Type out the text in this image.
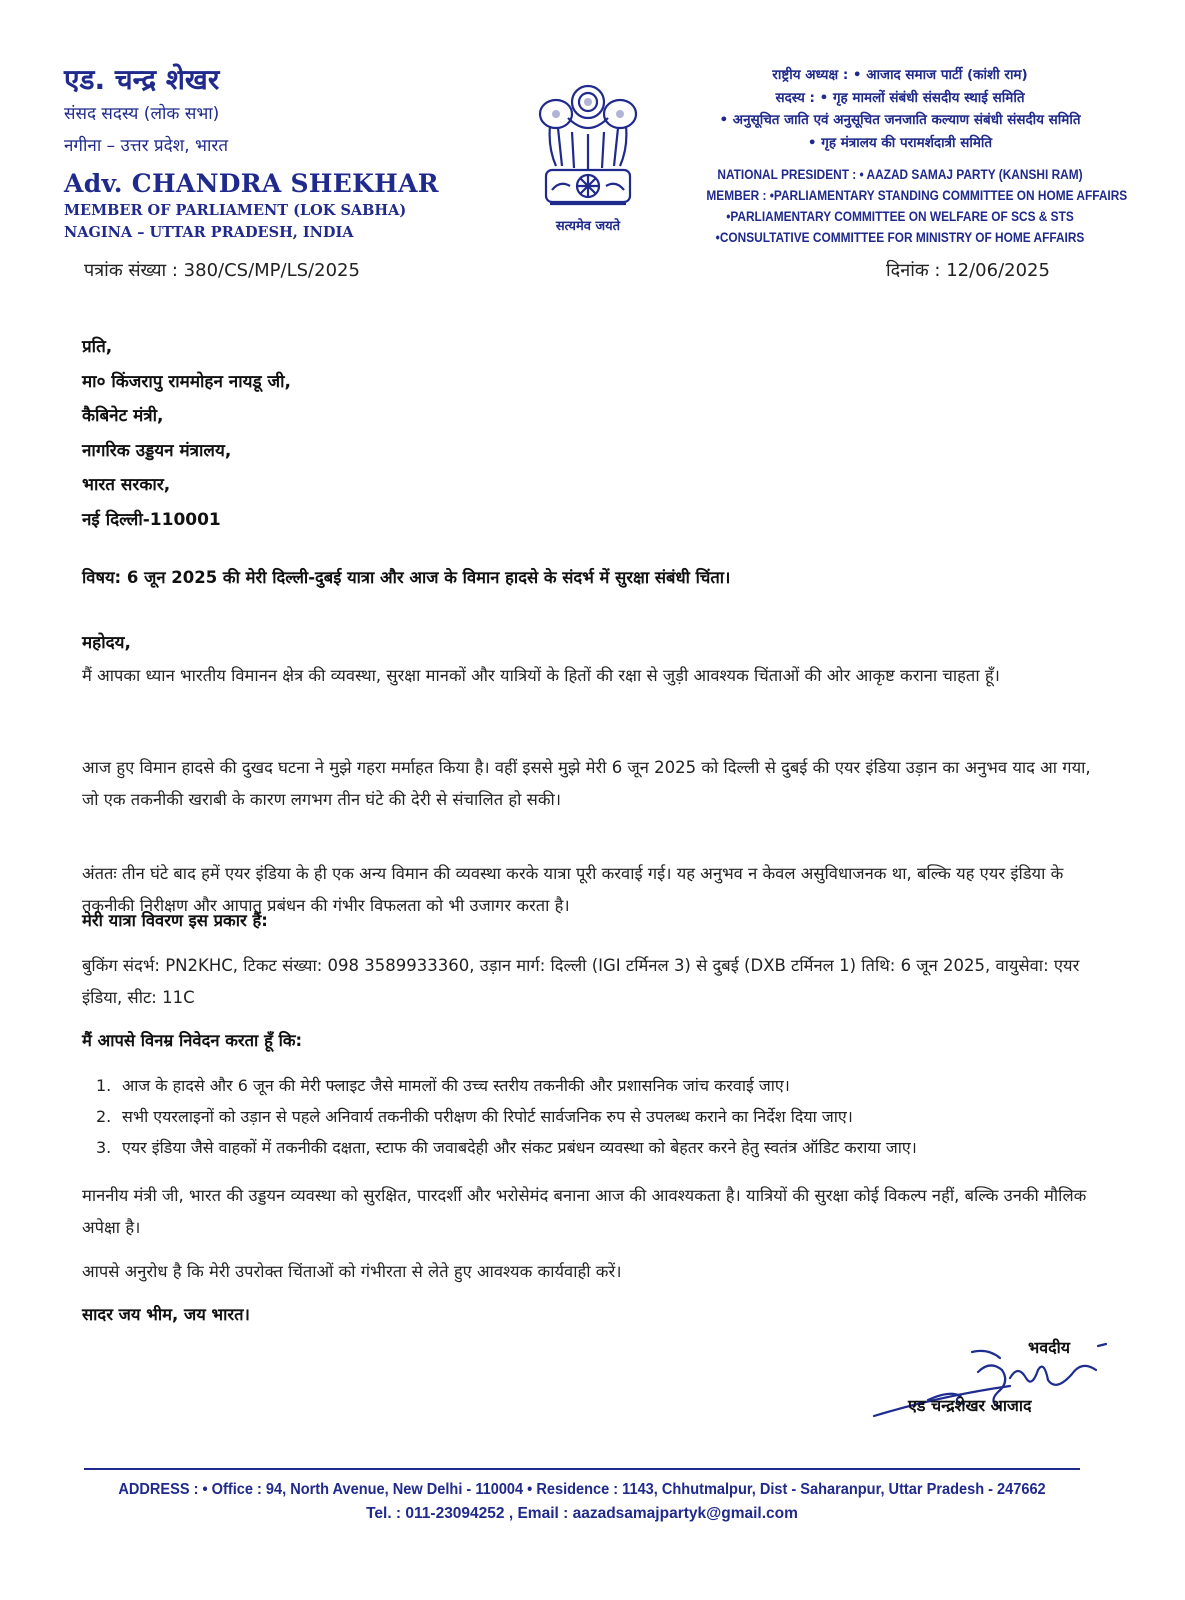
एड. चन्द्र शेखर
संसद सदस्य (लोक सभा)
नगीना – उत्तर प्रदेश, भारत
Adv. CHANDRA SHEKHAR
MEMBER OF PARLIAMENT (LOK SABHA)
NAGINA – UTTAR PRADESH, INDIA
पत्रांक संख्या : 380/CS/MP/LS/2025
सत्यमेव जयते
राष्ट्रीय अध्यक्ष : • आजाद समाज पार्टी (कांशी राम)
सदस्य : • गृह मामलों संबंधी संसदीय स्थाई समिति
• अनुसूचित जाति एवं अनुसूचित जनजाति कल्याण संबंधी संसदीय समिति
• गृह मंत्रालय की परामर्शदात्री समिति
NATIONAL PRESIDENT : • AAZAD SAMAJ PARTY (KANSHI RAM)
MEMBER : •PARLIAMENTARY STANDING COMMITTEE ON HOME AFFAIRS
•PARLIAMENTARY COMMITTEE ON WELFARE OF SCS & STS
•CONSULTATIVE COMMITTEE FOR MINISTRY OF HOME AFFAIRS
दिनांक : 12/06/2025
प्रति,
मा० किंजरापु राममोहन नायडू जी,
कैबिनेट मंत्री,
नागरिक उड्डयन मंत्रालय,
भारत सरकार,
नई दिल्ली-110001
विषय: 6 जून 2025 की मेरी दिल्ली-दुबई यात्रा और आज के विमान हादसे के संदर्भ में सुरक्षा संबंधी चिंता।
महोदय,
मैं आपका ध्यान भारतीय विमानन क्षेत्र की व्यवस्था, सुरक्षा मानकों और यात्रियों के हितों की रक्षा से जुड़ी आवश्यक चिंताओं की ओर आकृष्ट कराना चाहता हूँ।
आज हुए विमान हादसे की दुखद घटना ने मुझे गहरा मर्माहत किया है। वहीं इससे मुझे मेरी 6 जून 2025 को दिल्ली से दुबई की एयर इंडिया उड़ान का अनुभव याद आ गया, जो एक तकनीकी खराबी के कारण लगभग तीन घंटे की देरी से संचालित हो सकी।
अंततः तीन घंटे बाद हमें एयर इंडिया के ही एक अन्य विमान की व्यवस्था करके यात्रा पूरी करवाई गई। यह अनुभव न केवल असुविधाजनक था, बल्कि यह एयर इंडिया के तकनीकी निरीक्षण और आपात प्रबंधन की गंभीर विफलता को भी उजागर करता है।
मेरी यात्रा विवरण इस प्रकार हैं:
बुकिंग संदर्भ: PN2KHC, टिकट संख्या: 098 3589933360, उड़ान मार्ग: दिल्ली (IGI टर्मिनल 3) से दुबई (DXB टर्मिनल 1) तिथि: 6 जून 2025, वायुसेवा: एयर इंडिया, सीट: 11C
मैं आपसे विनम्र निवेदन करता हूँ कि:
1. आज के हादसे और 6 जून की मेरी फ्लाइट जैसे मामलों की उच्च स्तरीय तकनीकी और प्रशासनिक जांच करवाई जाए।
2. सभी एयरलाइनों को उड़ान से पहले अनिवार्य तकनीकी परीक्षण की रिपोर्ट सार्वजनिक रुप से उपलब्ध कराने का निर्देश दिया जाए।
3. एयर इंडिया जैसे वाहकों में तकनीकी दक्षता, स्टाफ की जवाबदेही और संकट प्रबंधन व्यवस्था को बेहतर करने हेतु स्वतंत्र ऑडिट कराया जाए।
माननीय मंत्री जी, भारत की उड्डयन व्यवस्था को सुरक्षित, पारदर्शी और भरोसेमंद बनाना आज की आवश्यकता है। यात्रियों की सुरक्षा कोई विकल्प नहीं, बल्कि उनकी मौलिक अपेक्षा है।
आपसे अनुरोध है कि मेरी उपरोक्त चिंताओं को गंभीरता से लेते हुए आवश्यक कार्यवाही करें।
सादर जय भीम, जय भारत।
भवदीय
एड चन्द्रशेखर आजाद
ADDRESS : • Office : 94, North Avenue, New Delhi - 110004 • Residence : 1143, Chhutmalpur, Dist - Saharanpur, Uttar Pradesh - 247662
Tel. : 011-23094252 , Email : aazadsamajpartyk@gmail.com
